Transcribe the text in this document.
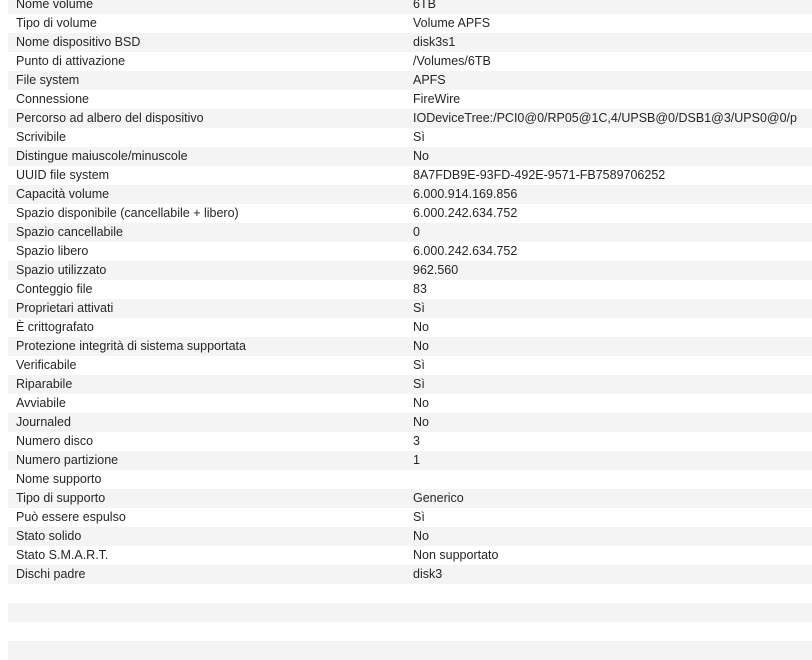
Nome volume	6TB
Tipo di volume	Volume APFS
Nome dispositivo BSD	disk3s1
Punto di attivazione	/Volumes/6TB
File system	APFS
Connessione	FireWire
Percorso ad albero del dispositivo	IODeviceTree:/PCI0@0/RP05@1C,4/UPSB@0/DSB1@3/UPS0@0/p
Scrivibile	Sì
Distingue maiuscole/minuscole	No
UUID file system	8A7FDB9E-93FD-492E-9571-FB7589706252
Capacità volume	6.000.914.169.856
Spazio disponibile (cancellabile + libero)	6.000.242.634.752
Spazio cancellabile	0
Spazio libero	6.000.242.634.752
Spazio utilizzato	962.560
Conteggio file	83
Proprietari attivati	Sì
È crittografato	No
Protezione integrità di sistema supportata	No
Verificabile	Sì
Riparabile	Sì
Avviabile	No
Journaled	No
Numero disco	3
Numero partizione	1
Nome supporto
Tipo di supporto	Generico
Può essere espulso	Sì
Stato solido	No
Stato S.M.A.R.T.	Non supportato
Dischi padre	disk3
